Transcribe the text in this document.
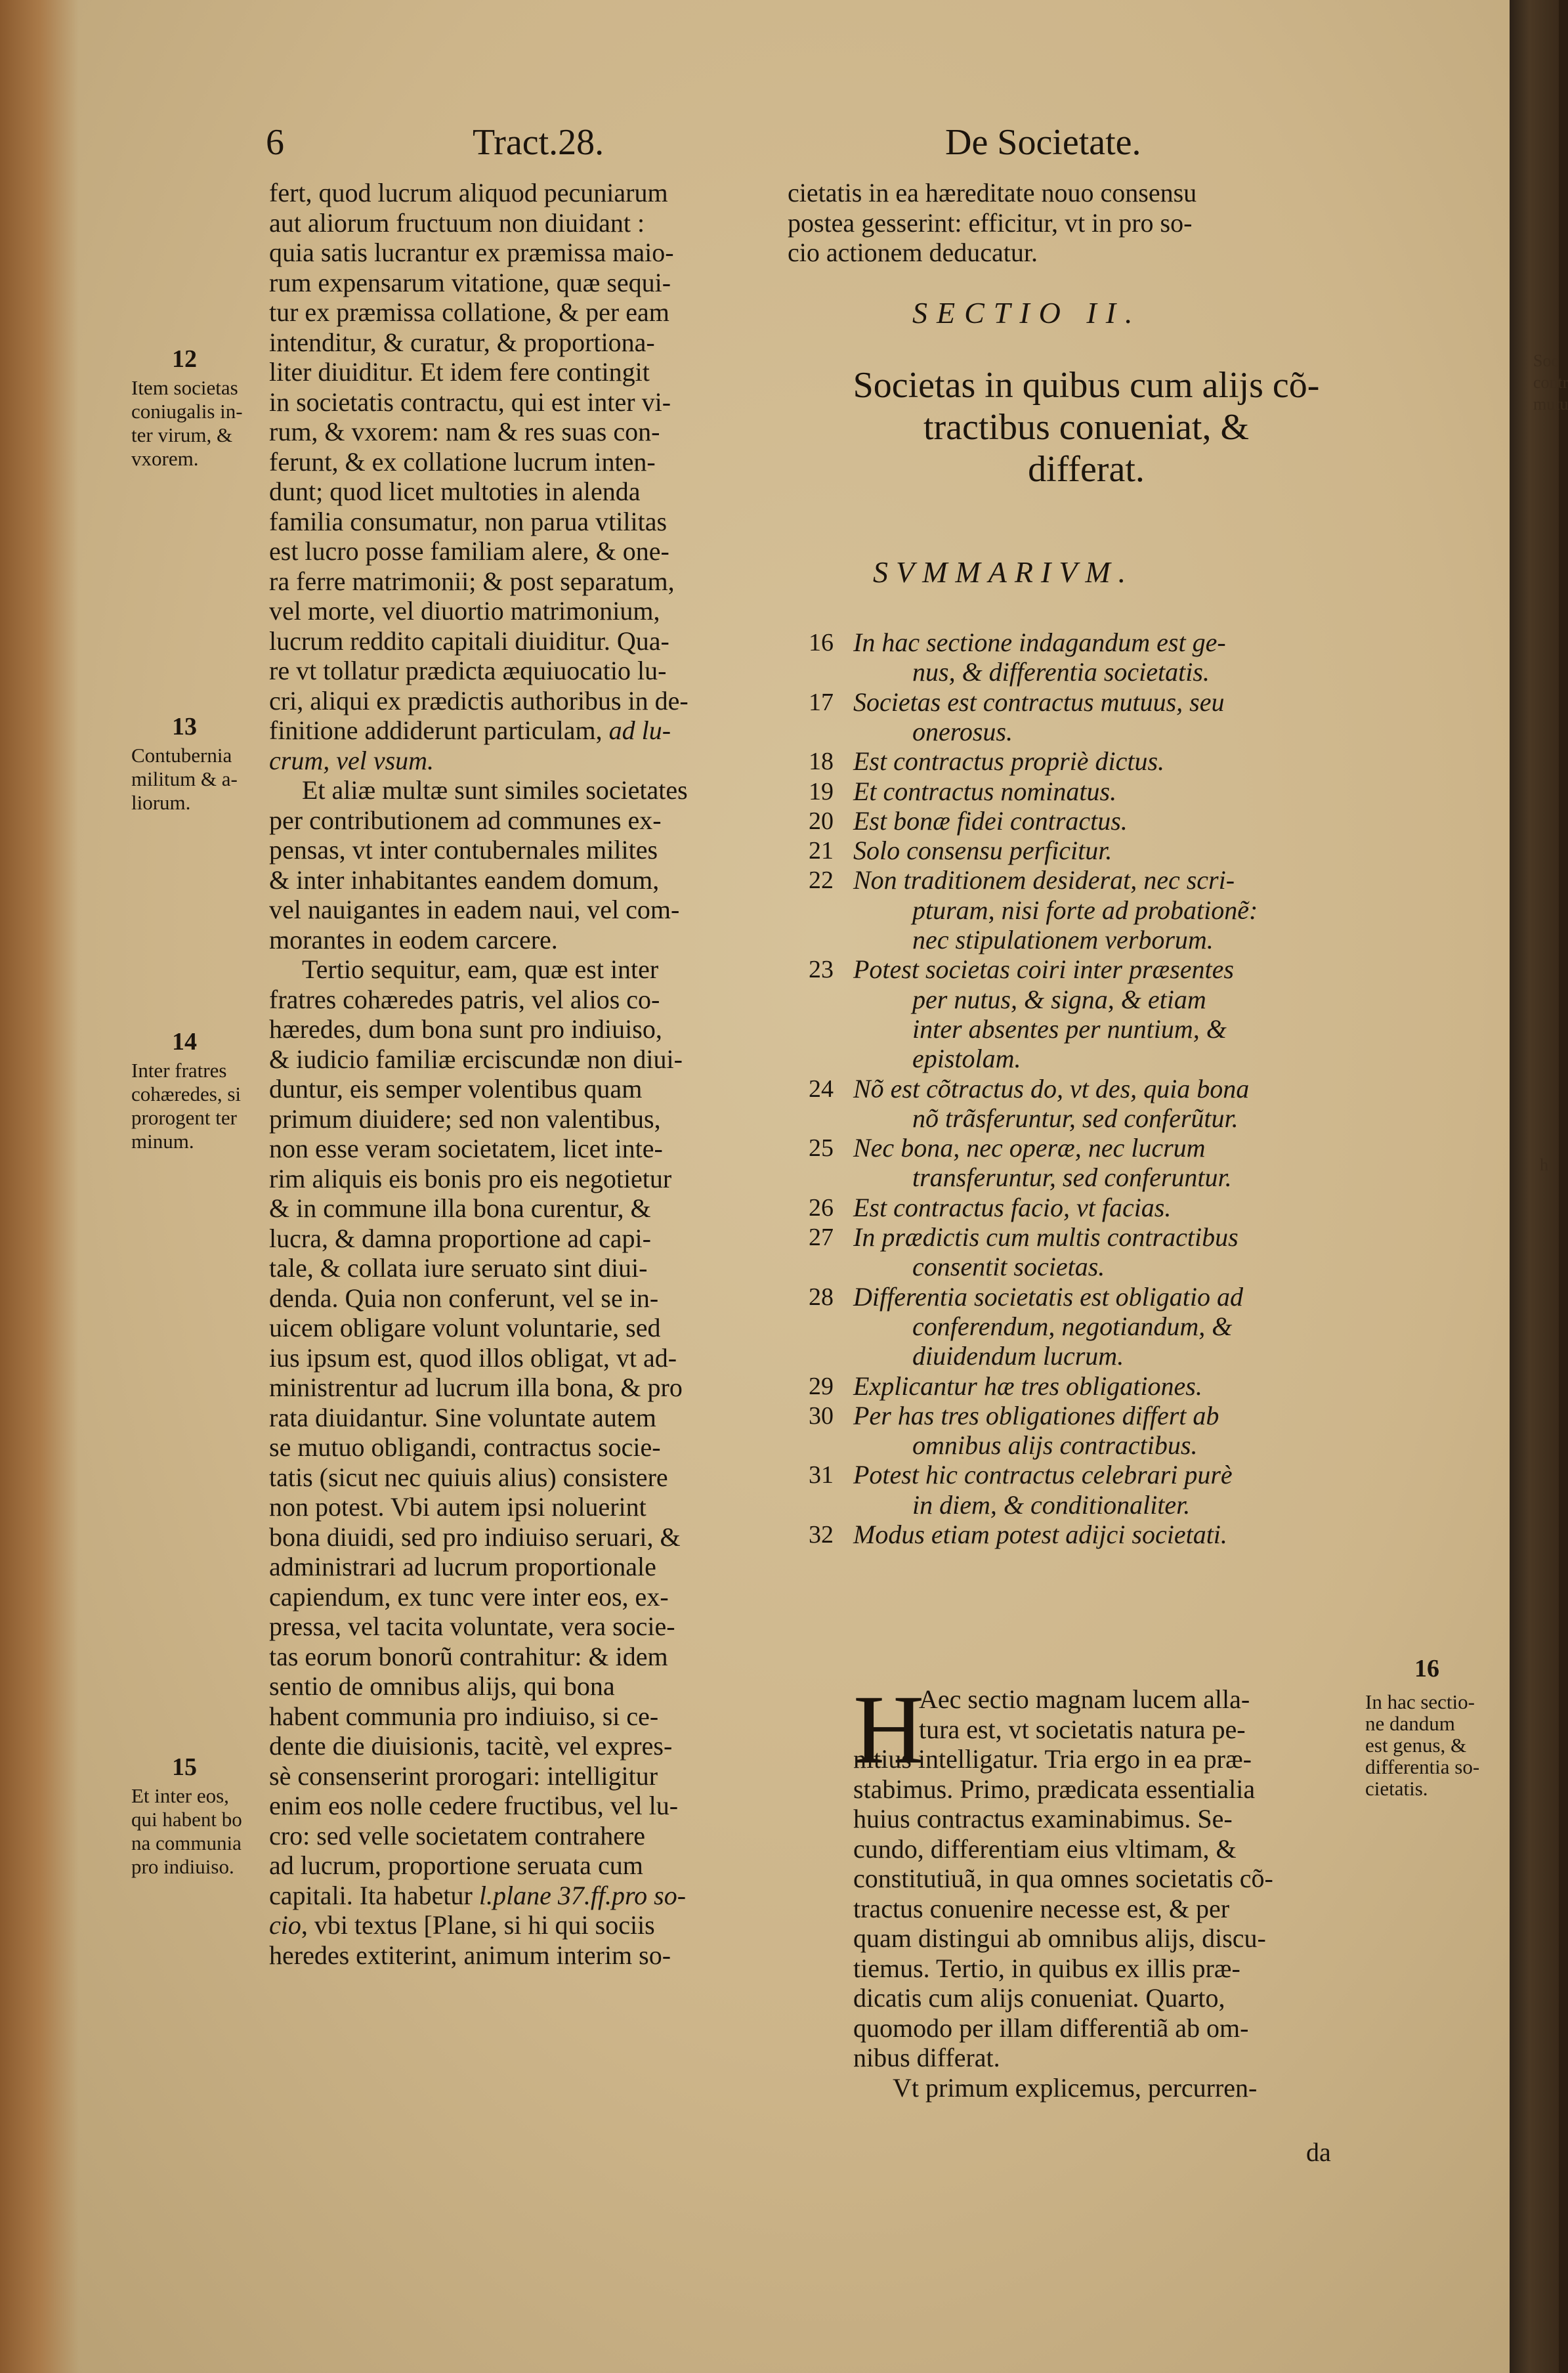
6	Tract.28.	De Societate.
fert, quod lucrum aliquod pecuniarum
aut aliorum fructuum non diuidant :
quia satis lucrantur ex præmissa maio-
rum expensarum vitatione, quæ sequi-
tur ex præmissa collatione, & per eam
intenditur, & curatur, & proportiona-
liter diuiditur. Et idem fere contingit
in societatis contractu, qui est inter vi-
rum, & vxorem: nam & res suas con-
ferunt, & ex collatione lucrum inten-
dunt; quod licet multoties in alenda
familia consumatur, non parua vtilitas
est lucro posse familiam alere, & one-
ra ferre matrimonii; & post separatum,
vel morte, vel diuortio matrimonium,
lucrum reddito capitali diuiditur. Qua-
re vt tollatur prædicta æquiuocatio lu-
cri, aliqui ex prædictis authoribus in de-
finitione addiderunt particulam, ad lu-
crum, vel vsum.
Et aliæ multæ sunt similes societates
per contributionem ad communes ex-
pensas, vt inter contubernales milites
& inter inhabitantes eandem domum,
vel nauigantes in eadem naui, vel com-
morantes in eodem carcere.
Tertio sequitur, eam, quæ est inter
fratres cohæredes patris, vel alios co-
hæredes, dum bona sunt pro indiuiso,
& iudicio familiæ erciscundæ non diui-
duntur, eis semper volentibus quam
primum diuidere; sed non valentibus,
non esse veram societatem, licet inte-
rim aliquis eis bonis pro eis negotietur
& in commune illa bona curentur, &
lucra, & damna proportione ad capi-
tale, & collata iure seruato sint diui-
denda. Quia non conferunt, vel se in-
uicem obligare volunt voluntarie, sed
ius ipsum est, quod illos obligat, vt ad-
ministrentur ad lucrum illa bona, & pro
rata diuidantur. Sine voluntate autem
se mutuo obligandi, contractus socie-
tatis (sicut nec quiuis alius) consistere
non potest. Vbi autem ipsi noluerint
bona diuidi, sed pro indiuiso seruari, &
administrari ad lucrum proportionale
capiendum, ex tunc vere inter eos, ex-
pressa, vel tacita voluntate, vera socie-
tas eorum bonorũ contrahitur: & idem
sentio de omnibus alijs, qui bona
habent communia pro indiuiso, si ce-
dente die diuisionis, tacitè, vel expres-
sè consenserint prorogari: intelligitur
enim eos nolle cedere fructibus, vel lu-
cro: sed velle societatem contrahere
ad lucrum, proportione seruata cum
capitali. Ita habetur l.plane 37.ff.pro so-
cio, vbi textus [Plane, si hi qui sociis
heredes extiterint, animum interim so-
12
Item societas
coniugalis in-
ter virum, &
vxorem.
13
Contubernia
militum & a-
liorum.
14
Inter fratres
cohæredes, si
prorogent ter
minum.
15
Et inter eos,
qui habent bo
na communia
pro indiuiso.
cietatis in ea hæreditate nouo consensu
postea gesserint: efficitur, vt in pro so-
cio actionem deducatur.
SECTIO II.
Societas in quibus cum alijs cõ-
tractibus conueniat, &
differat.
SVMMARIVM.
16 In hac sectione indagandum est ge-
nus, & differentia societatis.
17 Societas est contractus mutuus, seu
onerosus.
18 Est contractus propriè dictus.
19 Et contractus nominatus.
20 Est bonæ fidei contractus.
21 Solo consensu perficitur.
22 Non traditionem desiderat, nec scri-
pturam, nisi forte ad probationẽ:
nec stipulationem verborum.
23 Potest societas coiri inter præsentes
per nutus, & signa, & etiam
inter absentes per nuntium, &
epistolam.
24 Nõ est cõtractus do, vt des, quia bona
nõ trãsferuntur, sed conferũtur.
25 Nec bona, nec operæ, nec lucrum
transferuntur, sed conferuntur.
26 Est contractus facio, vt facias.
27 In prædictis cum multis contractibus
consentit societas.
28 Differentia societatis est obligatio ad
conferendum, negotiandum, &
diuidendum lucrum.
29 Explicantur hæ tres obligationes.
30 Per has tres obligationes differt ab
omnibus alijs contractibus.
31 Potest hic contractus celebrari purè
in diem, & conditionaliter.
32 Modus etiam potest adijci societati.
H
Aec sectio magnam lucem alla-
tura est, vt societatis natura pe-
nitius intelligatur. Tria ergo in ea præ-
stabimus. Primo, prædicata essentialia
huius contractus examinabimus. Se-
cundo, differentiam eius vltimam, &
constitutiuã, in qua omnes societatis cõ-
tractus conuenire necesse est, & per
quam distingui ab omnibus alijs, discu-
tiemus. Tertio, in quibus ex illis præ-
dicatis cum alijs conueniat. Quarto,
quomodo per illam differentiã ab om-
nibus differat.
Vt primum explicemus, percurren-
da
16
In hac sectio-
ne dandum
est genus, &
differentia so-
cietatis.
Soc
contr
mutu
h
